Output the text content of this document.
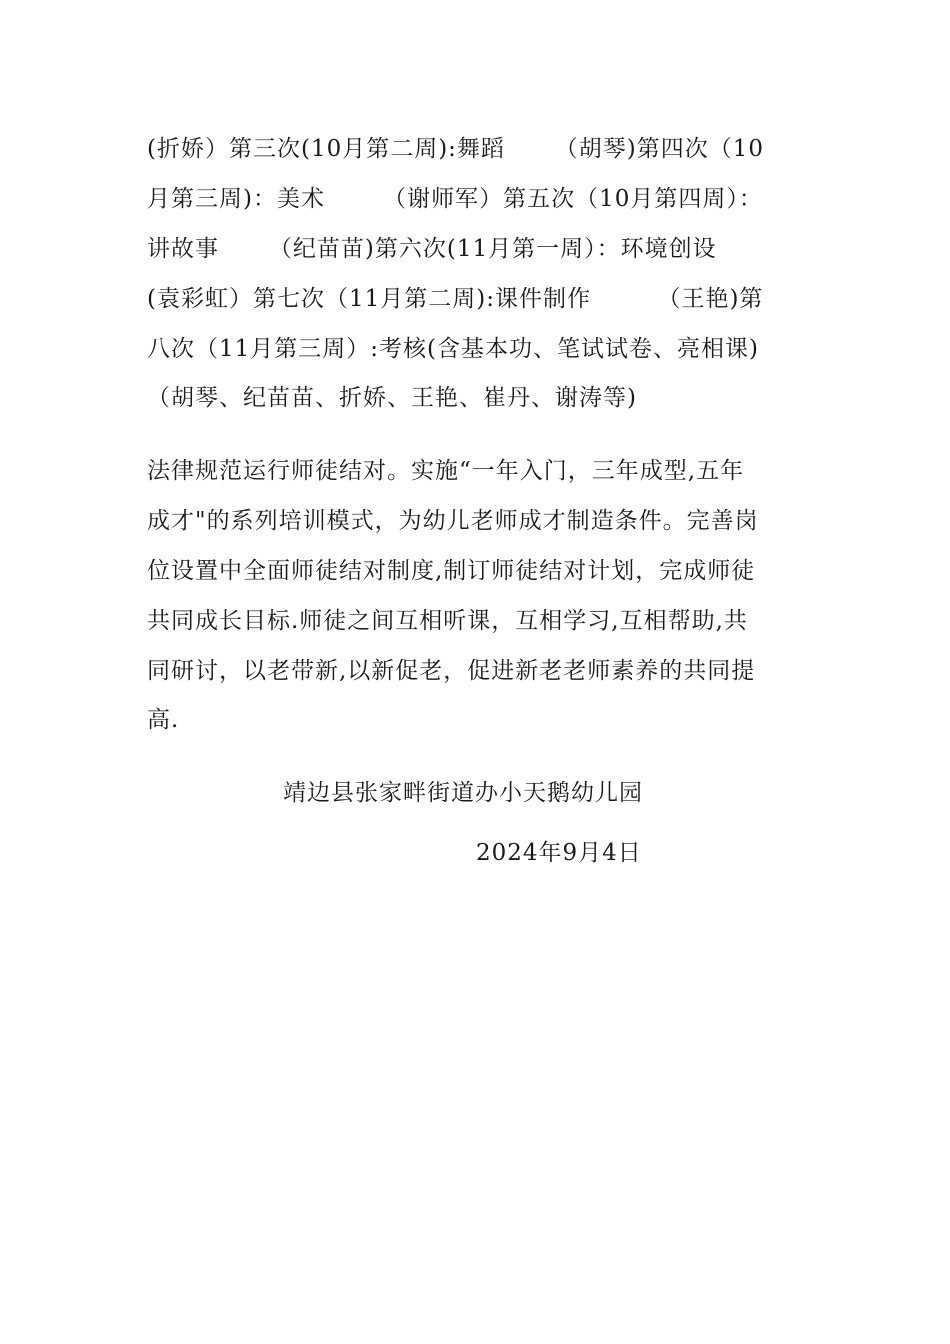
(折娇）第三次(10月第二周):舞蹈      （胡琴)第四次（10
月第三周)：美术       （谢师军）第五次（10月第四周）：
讲故事      （纪苗苗)第六次(11月第一周）：环境创设
(袁彩虹）第七次（11月第二周):课件制作        （王艳)第
八次（11月第三周）:考核(含基本功、笔试试卷、亮相课)
（胡琴、纪苗苗、折娇、王艳、崔丹、谢涛等)
法律规范运行师徒结对。实施“一年入门，三年成型,五年
成才"的系列培训模式，为幼儿老师成才制造条件。完善岗
位设置中全面师徒结对制度,制订师徒结对计划，完成师徒
共同成长目标.师徒之间互相听课，互相学习,互相帮助,共
同研讨，以老带新,以新促老，促进新老老师素养的共同提
高.
靖边县张家畔街道办小天鹅幼儿园
2024年9月4日
